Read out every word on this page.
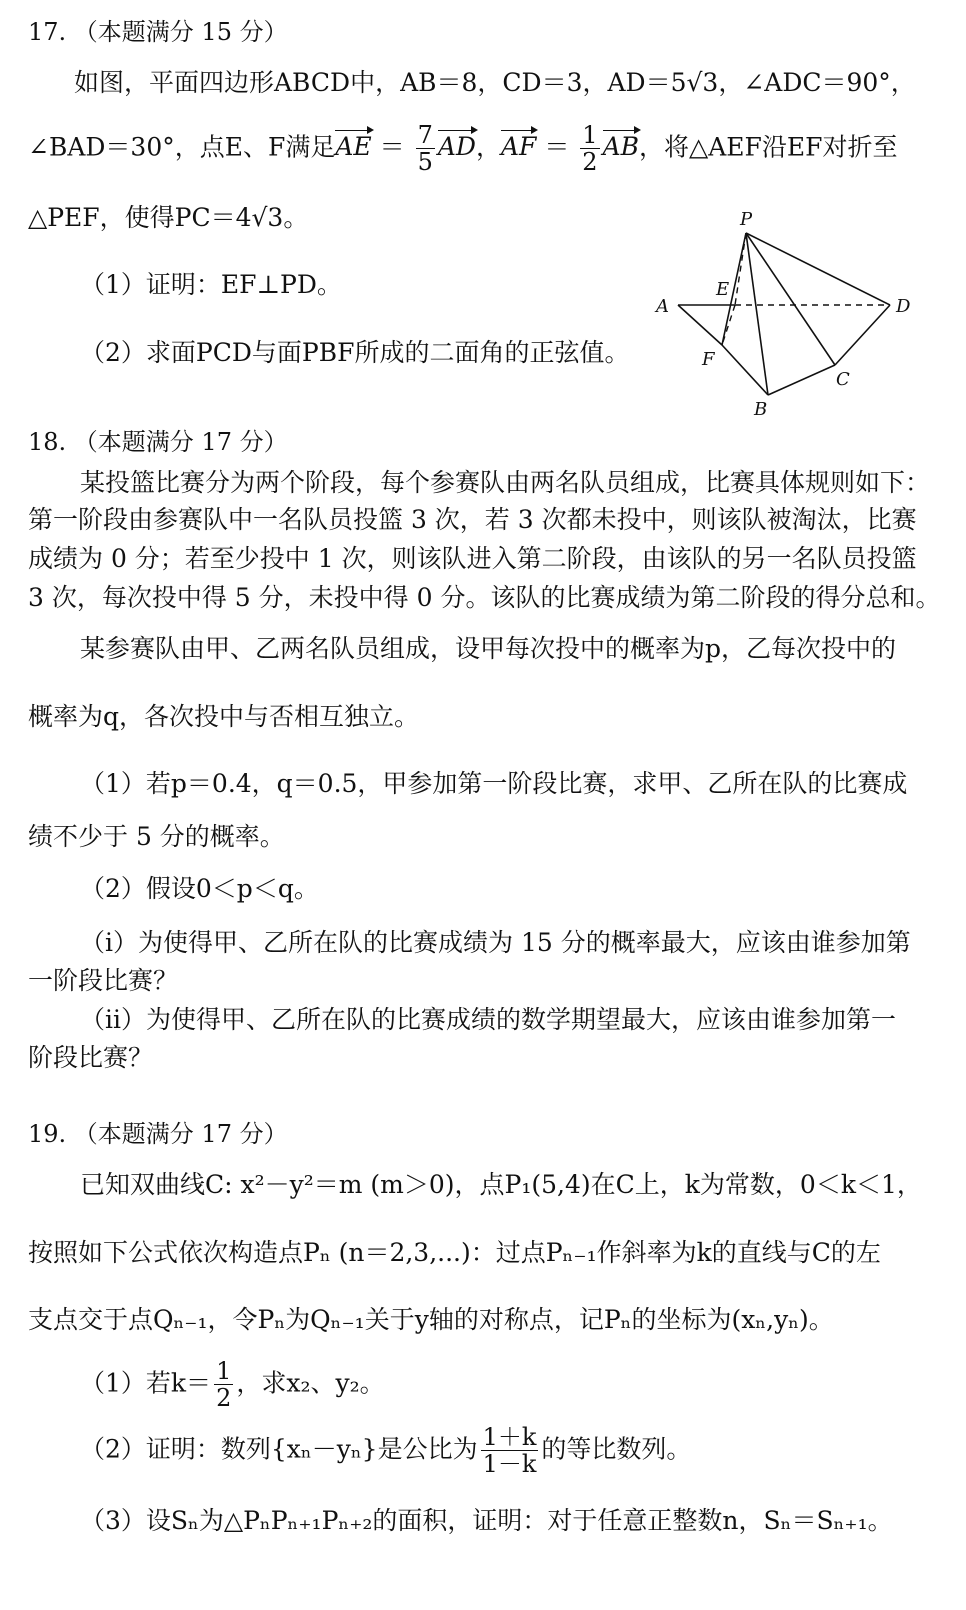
17. （本题满分 15 分）
如图，平面四边形ABCD中，AB＝8，CD＝3，AD＝5√3，∠ADC＝90°，
∠BAD＝30°，点E、F满足AE ＝ $\frac{7}{5}$ AD，AF ＝ $\frac{1}{2}$ AB，将△AEF沿EF对折至
△PEF，使得PC＝4√3。
（1）证明：EF⊥PD。
（2）求面PCD与面PBF所成的二面角的正弦值。
P
A
E
D
F
C
B
18. （本题满分 17 分）
某投篮比赛分为两个阶段，每个参赛队由两名队员组成，比赛具体规则如下：
第一阶段由参赛队中一名队员投篮 3 次，若 3 次都未投中，则该队被淘汰，比赛
成绩为 0 分；若至少投中 1 次，则该队进入第二阶段，由该队的另一名队员投篮
3 次，每次投中得 5 分，未投中得 0 分。该队的比赛成绩为第二阶段的得分总和。
某参赛队由甲、乙两名队员组成，设甲每次投中的概率为p，乙每次投中的
概率为q，各次投中与否相互独立。
（1）若p＝0.4，q＝0.5，甲参加第一阶段比赛，求甲、乙所在队的比赛成
绩不少于 5 分的概率。
（2）假设0＜p＜q。
（i）为使得甲、乙所在队的比赛成绩为 15 分的概率最大，应该由谁参加第
一阶段比赛？
（ii）为使得甲、乙所在队的比赛成绩的数学期望最大，应该由谁参加第一
阶段比赛？
19. （本题满分 17 分）
已知双曲线C: x²－y²＝m (m＞0)，点P₁(5,4)在C上，k为常数，0＜k＜1，
按照如下公式依次构造点Pₙ (n＝2,3,...)：过点Pₙ₋₁作斜率为k的直线与C的左
支点交于点Qₙ₋₁，令Pₙ为Qₙ₋₁关于y轴的对称点，记Pₙ的坐标为(xₙ,yₙ)。
（1）若$k= \frac{1}{2}$ ，求x₂、y₂。
（2）证明：数列{xₙ－yₙ}是公比为 $\frac{1+k}{1-k}$ 的等比数列。
（3）设Sₙ为△PₙPₙ₊₁Pₙ₊₂的面积，证明：对于任意正整数n，Sₙ＝Sₙ₊₁。
